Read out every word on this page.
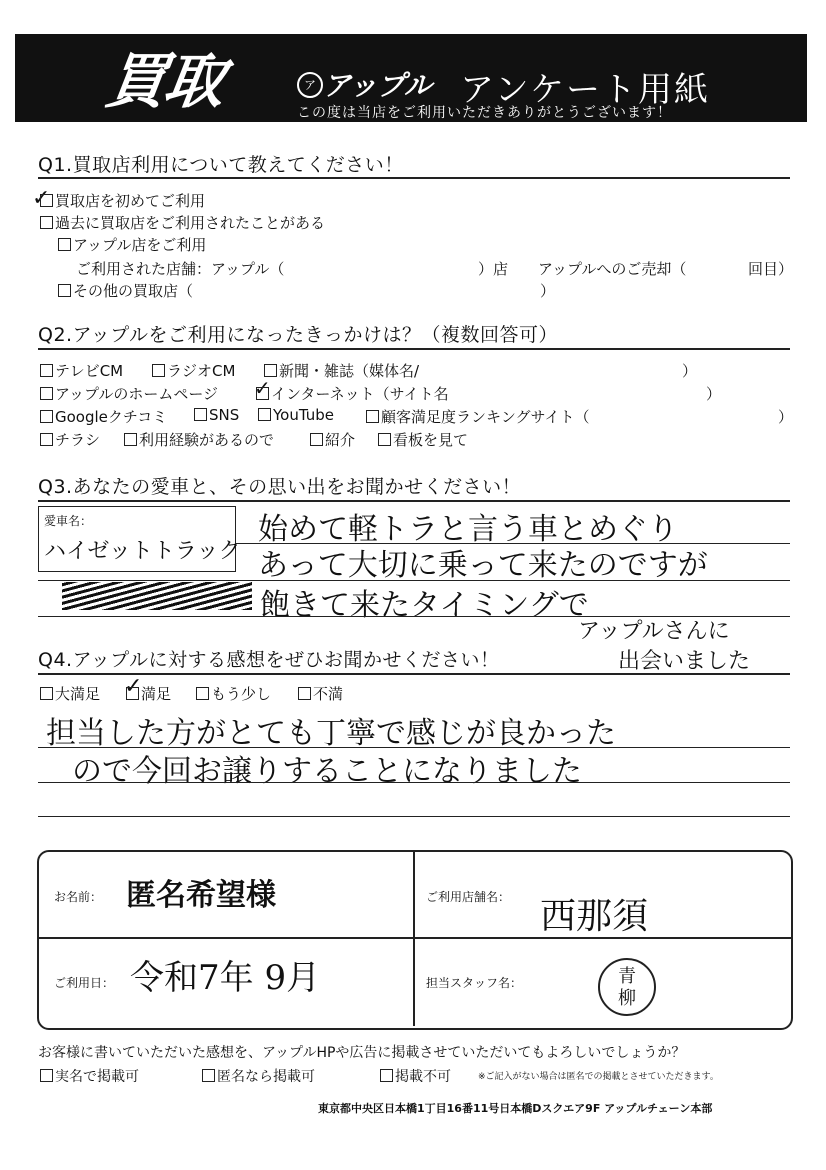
買取	ア アップル アンケート用紙
この度は当店をご利用いただきありがとうございます！
Q1.買取店利用について教えてください！
✓ 買取店を初めてご利用
過去に買取店をご利用されたことがある
アップル店をご利用
ご利用された店舗：アップル（	）店 アップルへのご売却（	回目）
その他の買取店（	）
Q2.アップルをご利用になったきっかけは？（複数回答可）
テレビCM	ラジオCM	新聞・雑誌（媒体名/	）
アップルのホームページ ✓ インターネット（サイト名	）
Googleクチコミ	SNS	YouTube	顧客満足度ランキングサイト（	）
チラシ	利用経験があるので	紹介	看板を見て
Q3.あなたの愛車と、その思い出をお聞かせください！
愛車名：
ハイゼットトラック
始めて軽トラと言う車とめぐり
あって大切に乗って来たのですが
飽きて来たタイミングで
アップルさんに
出会いました
Q4.アップルに対する感想をぜひお聞かせください！
大満足 ✓
満足	もう少し	不満
担当した方がとても丁寧で感じが良かった
ので今回お譲りすることになりました
お名前： 匿名希望様	ご利用店舗名： 西那須
ご利用日： 令和7年 9月	担当スタッフ名：	青
柳
お客様に書いていただいた感想を、アップルHPや広告に掲載させていただいてもよろしいでしょうか？
実名で掲載可	匿名なら掲載可	掲載不可	※ご記入がない場合は匿名での掲載とさせていただきます。
東京都中央区日本橋1丁目16番11号日本橋Dスクエア9F アップルチェーン本部
